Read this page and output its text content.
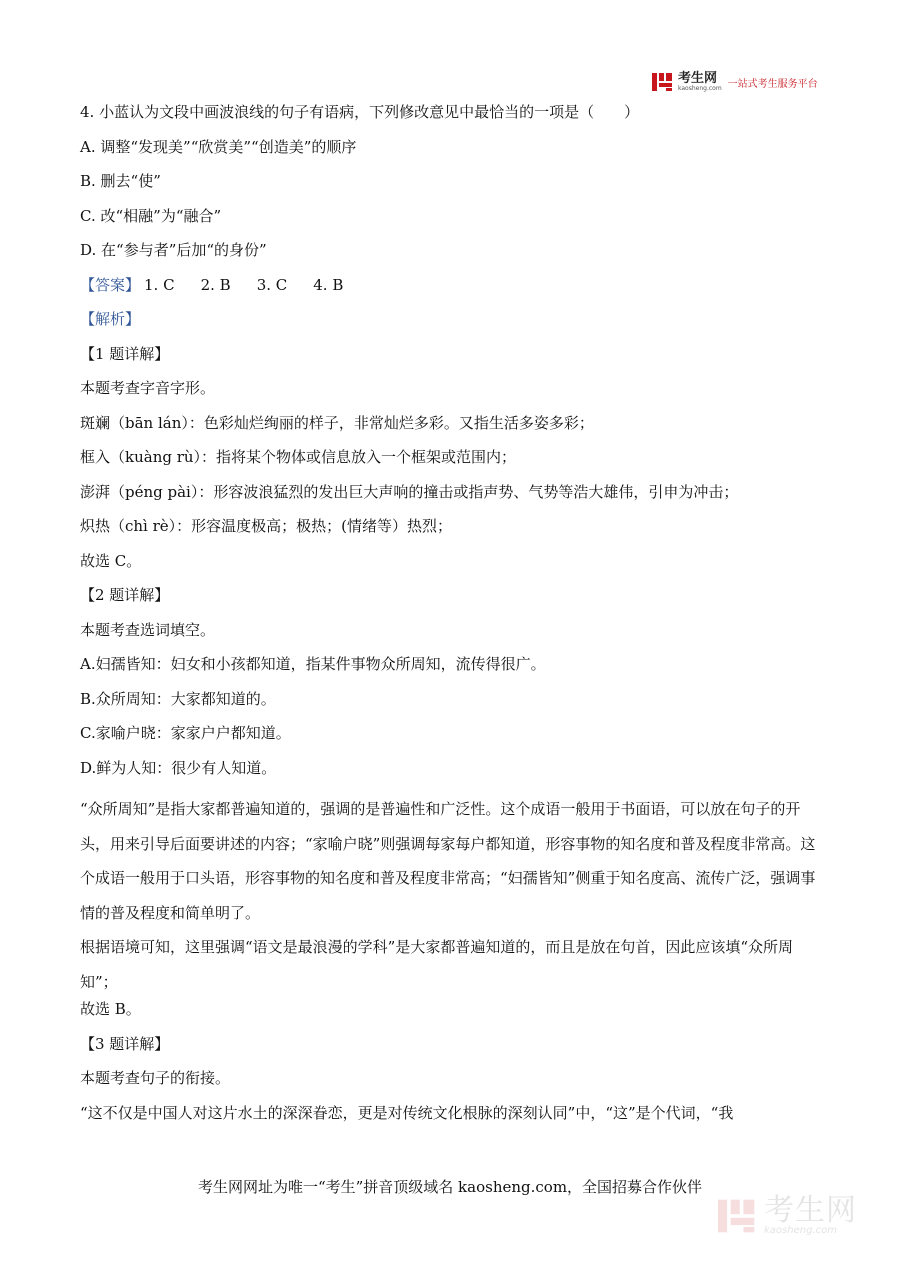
考生网
kaosheng.com 一站式考生服务平台
4. 小蓝认为文段中画波浪线的句子有语病，下列修改意见中最恰当的一项是（　　）
A. 调整“发现美”“欣赏美”“创造美”的顺序
B. 删去“使”
C. 改“相融”为“融合”
D. 在“参与者”后加“的身份”
【答案】 1. C 2. B 3. C 4. B
【解析】
【1 题详解】
本题考查字音字形。
斑斓（bān lán）：色彩灿烂绚丽的样子，非常灿烂多彩。又指生活多姿多彩；
框入（kuàng rù）：指将某个物体或信息放入一个框架或范围内；
澎湃（péng pài）：形容波浪猛烈的发出巨大声响的撞击或指声势、气势等浩大雄伟，引申为冲击；
炽热（chì rè）：形容温度极高；极热；(情绪等）热烈；
故选 C。
【2 题详解】
本题考查选词填空。
A.妇孺皆知：妇女和小孩都知道，指某件事物众所周知，流传得很广。
B.众所周知：大家都知道的。
C.家喻户晓：家家户户都知道。
D.鲜为人知：很少有人知道。
“众所周知”是指大家都普遍知道的，强调的是普遍性和广泛性。这个成语一般用于书面语，可以放在句子的开头，用来引导后面要讲述的内容；“家喻户晓”则强调每家每户都知道，形容事物的知名度和普及程度非常高。这个成语一般用于口头语，形容事物的知名度和普及程度非常高；“妇孺皆知”侧重于知名度高、流传广泛，强调事情的普及程度和简单明了。
根据语境可知，这里强调“语文是最浪漫的学科”是大家都普遍知道的，而且是放在句首，因此应该填“众所周知”；
故选 B。
【3 题详解】
本题考查句子的衔接。
“这不仅是中国人对这片水土的深深眷恋，更是对传统文化根脉的深刻认同”中，“这”是个代词，“我
考生网网址为唯一“考生”拼音顶级域名 kaosheng.com，全国招募合作伙伴
考生网
kaosheng.com
